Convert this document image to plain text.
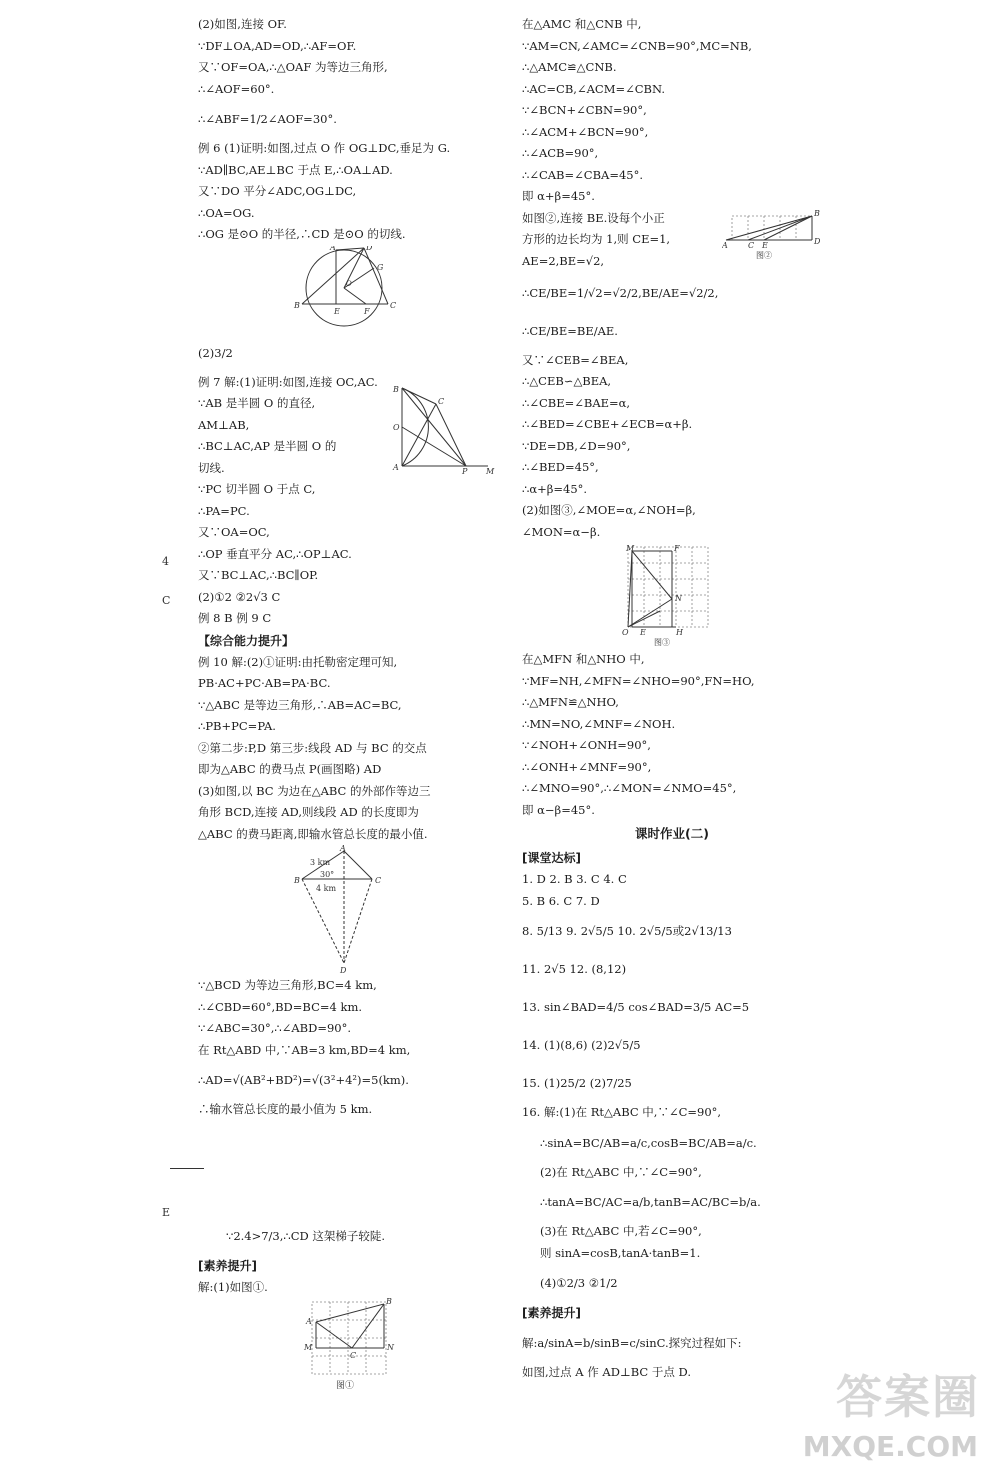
(2)如图,连接 OF.
∵DF⊥OA,AD=OD,∴AF=OF.
又∵OF=OA,∴△OAF 为等边三角形,
∴∠AOF=60°.
∴∠ABF=1/2∠AOF=30°.
例 6 (1)证明:如图,过点 O 作 OG⊥DC,垂足为 G.
∵AD∥BC,AE⊥BC 于点 E,∴OA⊥AD.
又∵DO 平分∠ADC,OG⊥DC,
∴OA=OG.
∴OG 是⊙O 的半径,∴CD 是⊙O 的切线.
A	D
G
B
E	F
C
O
(2)3/2
例 7 解:(1)证明:如图,连接 OC,AC.
∵AB 是半圆 O 的直径,
AM⊥AB,
∴BC⊥AC,AP 是半圆 O 的
切线.
∵PC 切半圆 O 于点 C,
∴PA=PC.
又∵OA=OC,
∴OP 垂直平分 AC,∴OP⊥AC.
又∵BC⊥AC,∴BC∥OP.
(2)①2 ②2√3 C
例 8 B 例 9 C
B
C
O
A	P M
【综合能力提升】
例 10 解:(2)①证明:由托勒密定理可知,
PB·AC+PC·AB=PA·BC.
∵△ABC 是等边三角形,∴AB=AC=BC,
∴PB+PC=PA.
②第二步:P,D 第三步:线段 AD 与 BC 的交点
即为△ABC 的费马点 P(画图略) AD
(3)如图,以 BC 为边在△ABC 的外部作等边三
角形 BCD,连接 AD,则线段 AD 的长度即为
△ABC 的费马距离,即输水管总长度的最小值.
A
B	C
D
3 km
30°
4 km
∵△BCD 为等边三角形,BC=4 km,
∴∠CBD=60°,BD=BC=4 km.
∵∠ABC=30°,∴∠ABD=90°.
在 Rt△ABD 中,∵AB=3 km,BD=4 km,
∴AD=√(AB²+BD²)=√(3²+4²)=5(km).
∴输水管总长度的最小值为 5 km.
∵2.4>7/3,∴CD 这架梯子较陡.
[素养提升]
解:(1)如图①.
A
B
C
M	N
图①
在△AMC 和△CNB 中,
∵AM=CN,∠AMC=∠CNB=90°,MC=NB,
∴△AMC≌△CNB.
∴AC=CB,∠ACM=∠CBN.
∵∠BCN+∠CBN=90°,
∴∠ACM+∠BCN=90°,
∴∠ACB=90°,
∴∠CAB=∠CBA=45°.
即 α+β=45°.
如图②,连接 BE.设每个小正
方形的边长均为 1,则 CE=1,
AE=2,BE=√2,
A
B
C E	D
图②
∴CE/BE=1/√2=√2/2,BE/AE=√2/2,
∴CE/BE=BE/AE.
又∵∠CEB=∠BEA,
∴△CEB∽△BEA,
∴∠CBE=∠BAE=α,
∴∠BED=∠CBE+∠ECB=α+β.
∵DE=DB,∠D=90°,
∴∠BED=45°,
∴α+β=45°.
(2)如图③,∠MOE=α,∠NOH=β,
∠MON=α−β.
M	F
N
O E	H
图③
在△MFN 和△NHO 中,
∵MF=NH,∠MFN=∠NHO=90°,FN=HO,
∴△MFN≌△NHO,
∴MN=NO,∠MNF=∠NOH.
∵∠NOH+∠ONH=90°,
∴∠ONH+∠MNF=90°,
∴∠MNO=90°,∴∠MON=∠NMO=45°,
即 α−β=45°.
课时作业(二)
[课堂达标]
1. D 2. B 3. C 4. C
5. B 6. C 7. D
8. 5/13 9. 2√5/5 10. 2√5/5或2√13/13
11. 2√5 12. (8,12)
13. sin∠BAD=4/5 cos∠BAD=3/5 AC=5
14. (1)(8,6) (2)2√5/5
15. (1)25/2 (2)7/25
16. 解:(1)在 Rt△ABC 中,∵∠C=90°,
∴sinA=BC/AB=a/c,cosB=BC/AB=a/c.
(2)在 Rt△ABC 中,∵∠C=90°,
∴tanA=BC/AC=a/b,tanB=AC/BC=b/a.
(3)在 Rt△ABC 中,若∠C=90°,
则 sinA=cosB,tanA·tanB=1.
(4)①2/3 ②1/2
[素养提升]
解:a/sinA=b/sinB=c/sinC.探究过程如下:
如图,过点 A 作 AD⊥BC 于点 D.
4
C
E
答案圈
MXQE.COM
